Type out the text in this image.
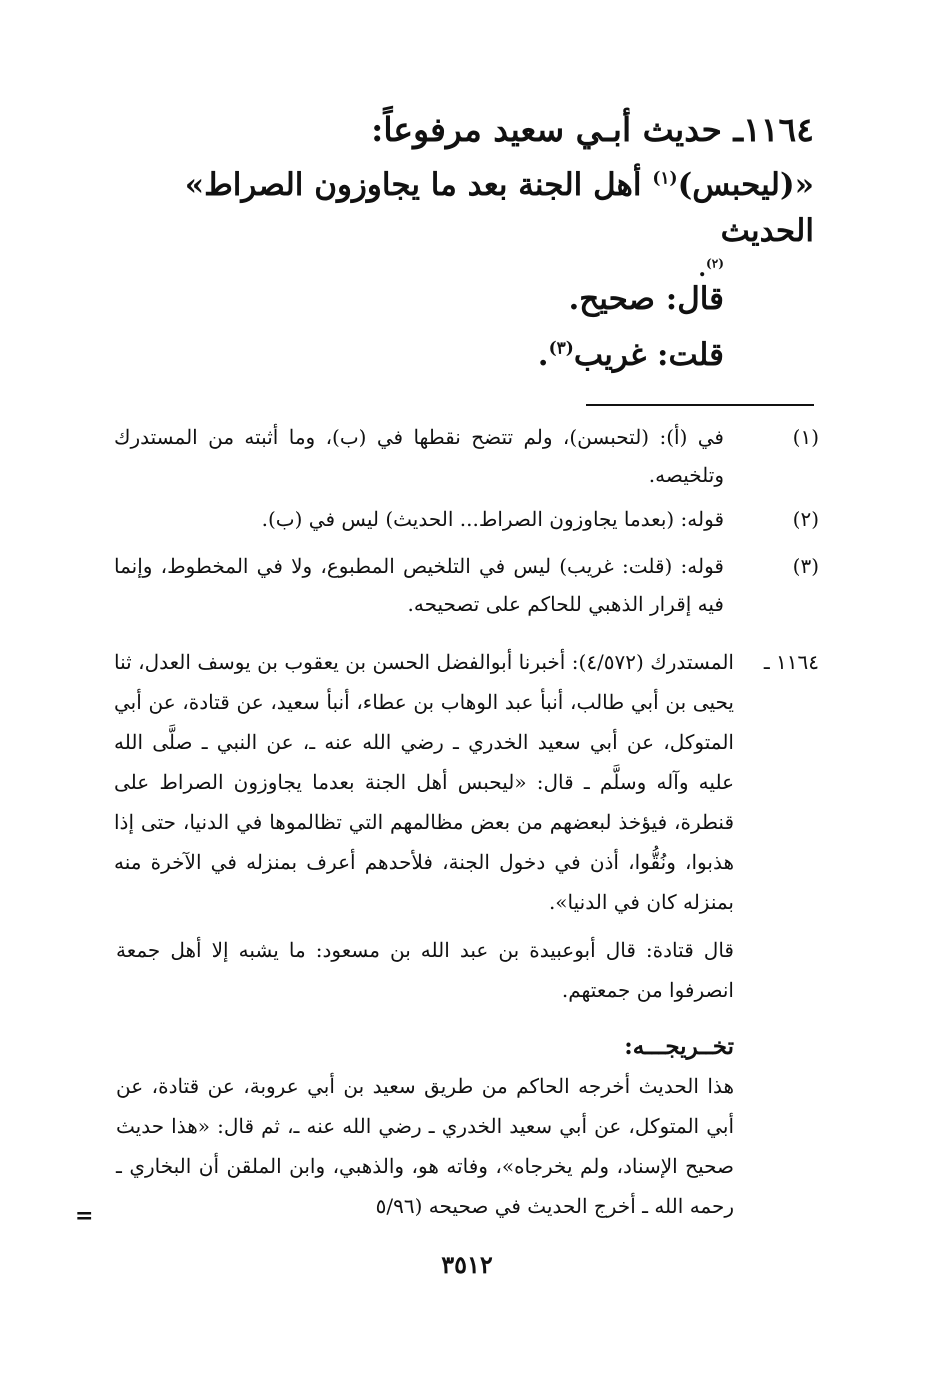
١١٦٤ـ حديث أبـي سعيد مرفوعاً:
«(ليحبس)$^{(١)}$ أهل الجنة بعد ما يجاوزون الصراط» الحديث
$^{(٢)}$.
قال: صحيح.
قلت: غريب$^{(٣)}$.
(١)
في (أ): (لتحبسن)، ولم تتضح نقطها في (ب)، وما أثبته من المستدرك وتلخيصه.
(٢)
قوله: (بعدما يجاوزون الصراط... الحديث) ليس في (ب).
(٣)
قوله: (قلت: غريب) ليس في التلخيص المطبوع، ولا في المخطوط، وإنما فيه إقرار الذهبي للحاكم على تصحيحه.
١١٦٤ ـ
المستدرك (٤/٥٧٢): أخبرنا أبوالفضل الحسن بن يعقوب بن يوسف العدل، ثنا يحيى بن أبي طالب، أنبأ عبد الوهاب بن عطاء، أنبأ سعيد، عن قتادة، عن أبي المتوكل، عن أبي سعيد الخدري ـ رضي الله عنه ـ، عن النبي ـ صلَّى الله عليه وآله وسلَّم ـ قال: «ليحبس أهل الجنة بعدما يجاوزون الصراط على قنطرة، فيؤخذ لبعضهم من بعض مظالمهم التي تظالموها في الدنيا، حتى إذا هذبوا، ونُقُّوا، أذن في دخول الجنة، فلأحدهم أعرف بمنزله في الآخرة منه بمنزله كان في الدنيا».
قال قتادة: قال أبوعبيدة بن عبد الله بن مسعود: ما يشبه إلا أهل جمعة انصرفوا من جمعتهم.
تخــريجـــه:
هذا الحديث أخرجه الحاكم من طريق سعيد بن أبي عروبة، عن قتادة، عن أبي المتوكل، عن أبي سعيد الخدري ـ رضي الله عنه ـ، ثم قال: «هذا حديث صحيح الإسناد، ولم يخرجاه»، وفاته هو، والذهبي، وابن الملقن أن البخاري ـ رحمه الله ـ أخرج الحديث في صحيحه (٥/٩٦
=
٣٥١٢
